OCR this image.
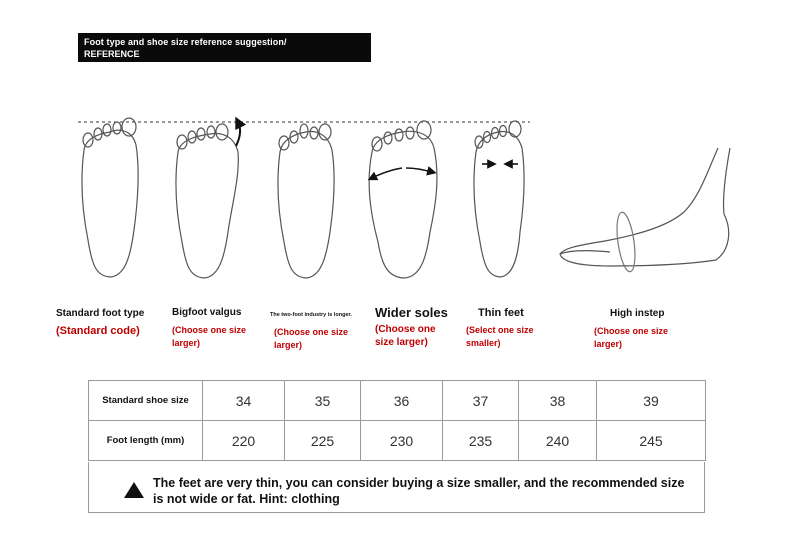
Foot type and shoe size reference suggestion/
REFERENCE
Standard foot type
(Standard code)
Bigfoot valgus
(Choose one size larger)
The two-foot industry is longer.
(Choose one size larger)
Wider soles
(Choose one size larger)
Thin feet
(Select one size smaller)
High instep
(Choose one size larger)
Standard shoe size	34	35	36	37	38	39
Foot length (mm)	220	225	230	235	240	245
The feet are very thin, you can consider buying a size smaller, and the recommended size is not wide or fat. Hint: clothing
